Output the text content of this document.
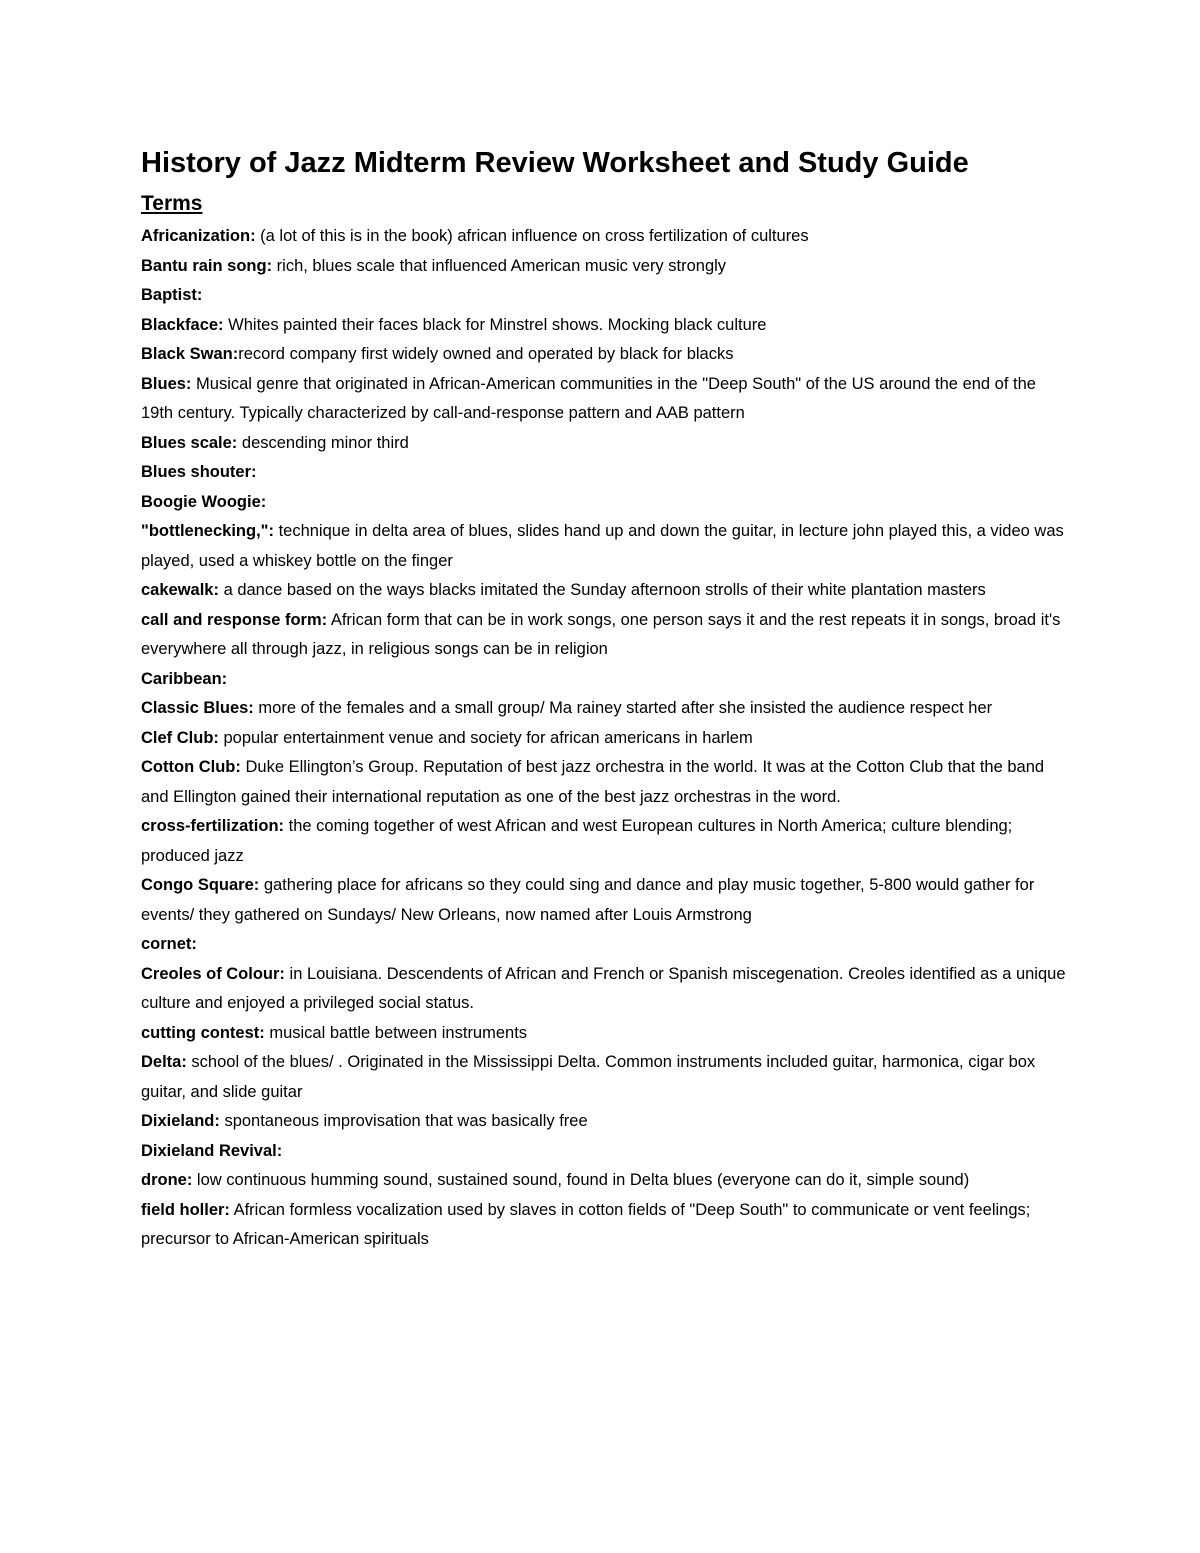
History of Jazz Midterm Review Worksheet and Study Guide
Terms

Africanization: (a lot of this is in the book) african influence on cross fertilization of cultures

Bantu rain song: rich, blues scale that influenced American music very strongly

Baptist:

Blackface: Whites painted their faces black for Minstrel shows. Mocking black culture

Black Swan:record company first widely owned and operated by black for blacks

Blues: Musical genre that originated in African-American communities in the "Deep South" of the US around the end of the 19th century. Typically characterized by call-and-response pattern and AAB pattern

Blues scale: descending minor third

Blues shouter:

Boogie Woogie:

"bottlenecking,": technique in delta area of blues, slides hand up and down the guitar, in lecture john played this, a video was played, used a whiskey bottle on the finger

cakewalk: a dance based on the ways blacks imitated the Sunday afternoon strolls of their white plantation masters

call and response form: African form that can be in work songs, one person says it and the rest repeats it in songs, broad it's everywhere all through jazz, in religious songs can be in religion

Caribbean:

Classic Blues: more of the females and a small group/ Ma rainey started after she insisted the audience respect her

Clef Club: popular entertainment venue and society for african americans in harlem

Cotton Club: Duke Ellington’s Group. Reputation of best jazz orchestra in the world. It was at the Cotton Club that the band and Ellington gained their international reputation as one of the best jazz orchestras in the word.

cross-fertilization: the coming together of west African and west European cultures in North America; culture blending; produced jazz

Congo Square: gathering place for africans so they could sing and dance and play music together, 5-800 would gather for events/ they gathered on Sundays/ New Orleans, now named after Louis Armstrong

cornet:

Creoles of Colour: in Louisiana. Descendents of African and French or Spanish miscegenation. Creoles identified as a unique culture and enjoyed a privileged social status.

cutting contest: musical battle between instruments

Delta: school of the blues/ . Originated in the Mississippi Delta. Common instruments included guitar, harmonica, cigar box guitar, and slide guitar

Dixieland: spontaneous improvisation that was basically free

Dixieland Revival:

drone: low continuous humming sound, sustained sound, found in Delta blues (everyone can do it, simple sound)

field holler: African formless vocalization used by slaves in cotton fields of "Deep South" to communicate or vent feelings; precursor to African-American spirituals
